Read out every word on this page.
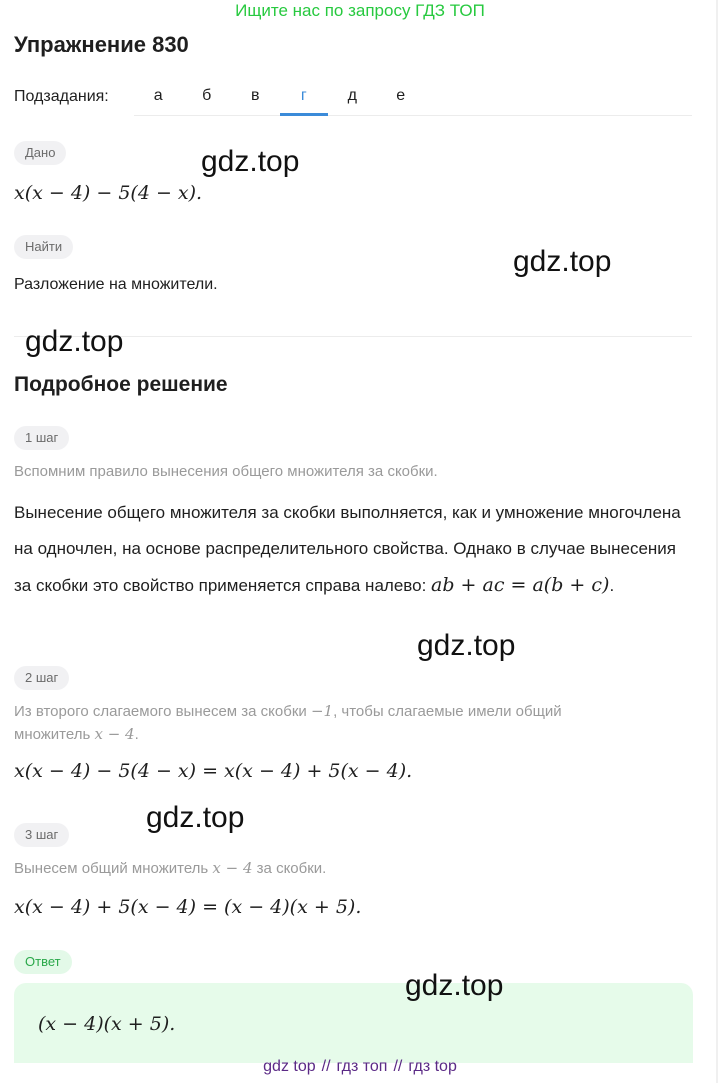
Ищите нас по запросу ГДЗ ТОП
Упражнение 830
Подзадания:	а	б	в	г	д	е
Дано
x(x − 4) − 5(4 − x).
Найти
Разложение на множители.
Подробное решение
1 шаг
Вспомним правило вынесения общего множителя за скобки.
Вынесение общего множителя за скобки выполняется, как и умножение многочлена на одночлен, на основе распределительного свойства. Однако в случае вынесения за скобки это свойство применяется справа налево: ab + ac = a(b + c).
2 шаг
Из второго слагаемого вынесем за скобки −1, чтобы слагаемые имели общий множитель x − 4.
x(x − 4) − 5(4 − x) = x(x − 4) + 5(x − 4).
3 шаг
Вынесем общий множитель x − 4 за скобки.
x(x − 4) + 5(x − 4) = (x − 4)(x + 5).
Ответ
(x − 4)(x + 5).
gdz.top
gdz.top
gdz.top
gdz.top
gdz.top
gdz.top
gdz top // гдз топ // гдз top
